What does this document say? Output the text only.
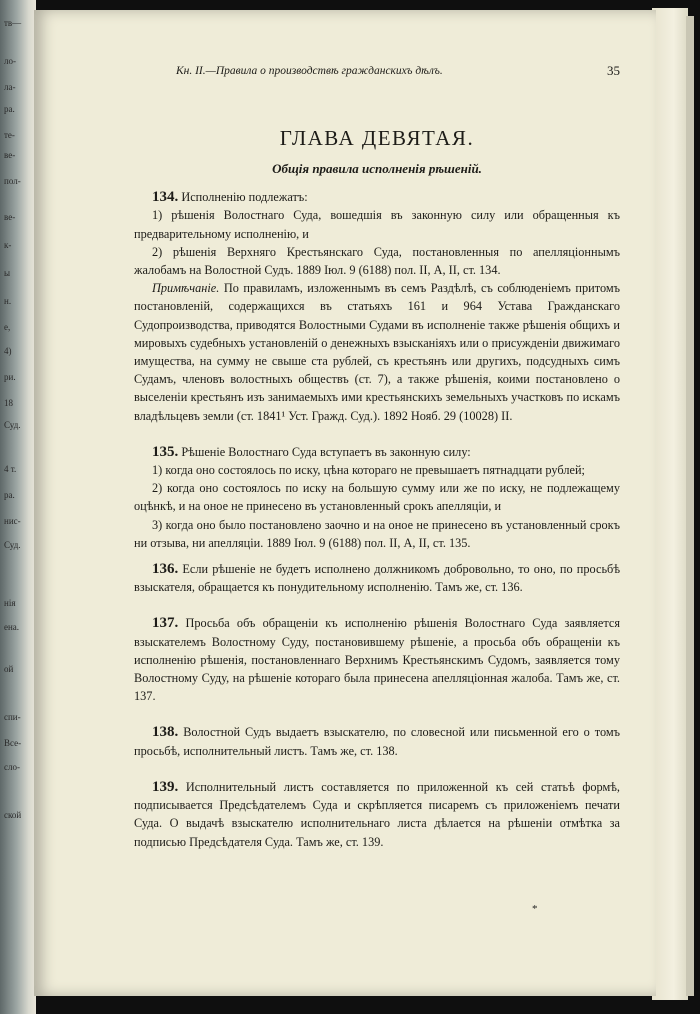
тв—
ло-
ла-
ра.
те-
ве-
пол-
ве-
к-
ы
н.
е,
4)
ри.
18
Суд.
4 т.
ра.
нис-
Суд.
нія
ена.
ой
спи-
Все-
сло-
ской
Кн. II.—Правила о производствѣ гражданскихъ дѣлъ.	35
ГЛАВА ДЕВЯТАЯ.
Общія правила исполненія рѣшеній.

134. Исполненію подлежатъ:

1) рѣшенія Волостнаго Суда, вошедшія въ законную силу или обращенныя къ предварительному исполненію, и

2) рѣшенія Верхняго Крестьянскаго Суда, постановленныя по апелляціоннымъ жалобамъ на Волостной Судъ. 1889 Іюл. 9 (6188) пол. II, А, II, ст. 134.

Примѣчаніе. По правиламъ, изложеннымъ въ семъ Раздѣлѣ, съ соблюденіемъ притомъ постановленій, содержащихся въ статьяхъ 161 и 964 Устава Гражданскаго Судопроизводства, приводятся Волостными Судами въ исполненіе также рѣшенія общихъ и мировыхъ судебныхъ установленій о денежныхъ взысканіяхъ или о присужденіи движимаго имущества, на сумму не свыше ста рублей, съ крестьянъ или другихъ, подсудныхъ симъ Судамъ, членовъ волостныхъ обществъ (ст. 7), а также рѣшенія, коими постановлено о выселеніи крестьянъ изъ занимаемыхъ ими крестьянскихъ земельныхъ участковъ по искамъ владѣльцевъ земли (ст. 1841¹ Уст. Гражд. Суд.). 1892 Нояб. 29 (10028) II.

135. Рѣшеніе Волостнаго Суда вступаетъ въ законную силу:

1) когда оно состоялось по иску, цѣна котораго не превышаетъ пятнадцати рублей;

2) когда оно состоялось по иску на большую сумму или же по иску, не подлежащему оцѣнкѣ, и на оное не принесено въ установленный срокъ апелляціи, и

3) когда оно было постановлено заочно и на оное не принесено въ установленный срокъ ни отзыва, ни апелляціи. 1889 Іюл. 9 (6188) пол. II, А, II, ст. 135.

136. Если рѣшеніе не будетъ исполнено должникомъ добровольно, то оно, по просьбѣ взыскателя, обращается къ понудительному исполненію. Тамъ же, ст. 136.

137. Просьба объ обращеніи къ исполненію рѣшенія Волостнаго Суда заявляется взыскателемъ Волостному Суду, постановившему рѣшеніе, а просьба объ обращеніи къ исполненію рѣшенія, постановленнаго Верхнимъ Крестьянскимъ Судомъ, заявляется тому Волостному Суду, на рѣшеніе котораго была принесена апелляціонная жалоба. Тамъ же, ст. 137.

138. Волостной Судъ выдаетъ взыскателю, по словесной или письменной его о томъ просьбѣ, исполнительный листъ. Тамъ же, ст. 138.

139. Исполнительный листъ составляется по приложенной къ сей статьѣ формѣ, подписывается Предсѣдателемъ Суда и скрѣпляется писаремъ съ приложеніемъ печати Суда. О выдачѣ взыскателю исполнительнаго листа дѣлается на рѣшеніи отмѣтка за подписью Предсѣдателя Суда. Тамъ же, ст. 139.

*
